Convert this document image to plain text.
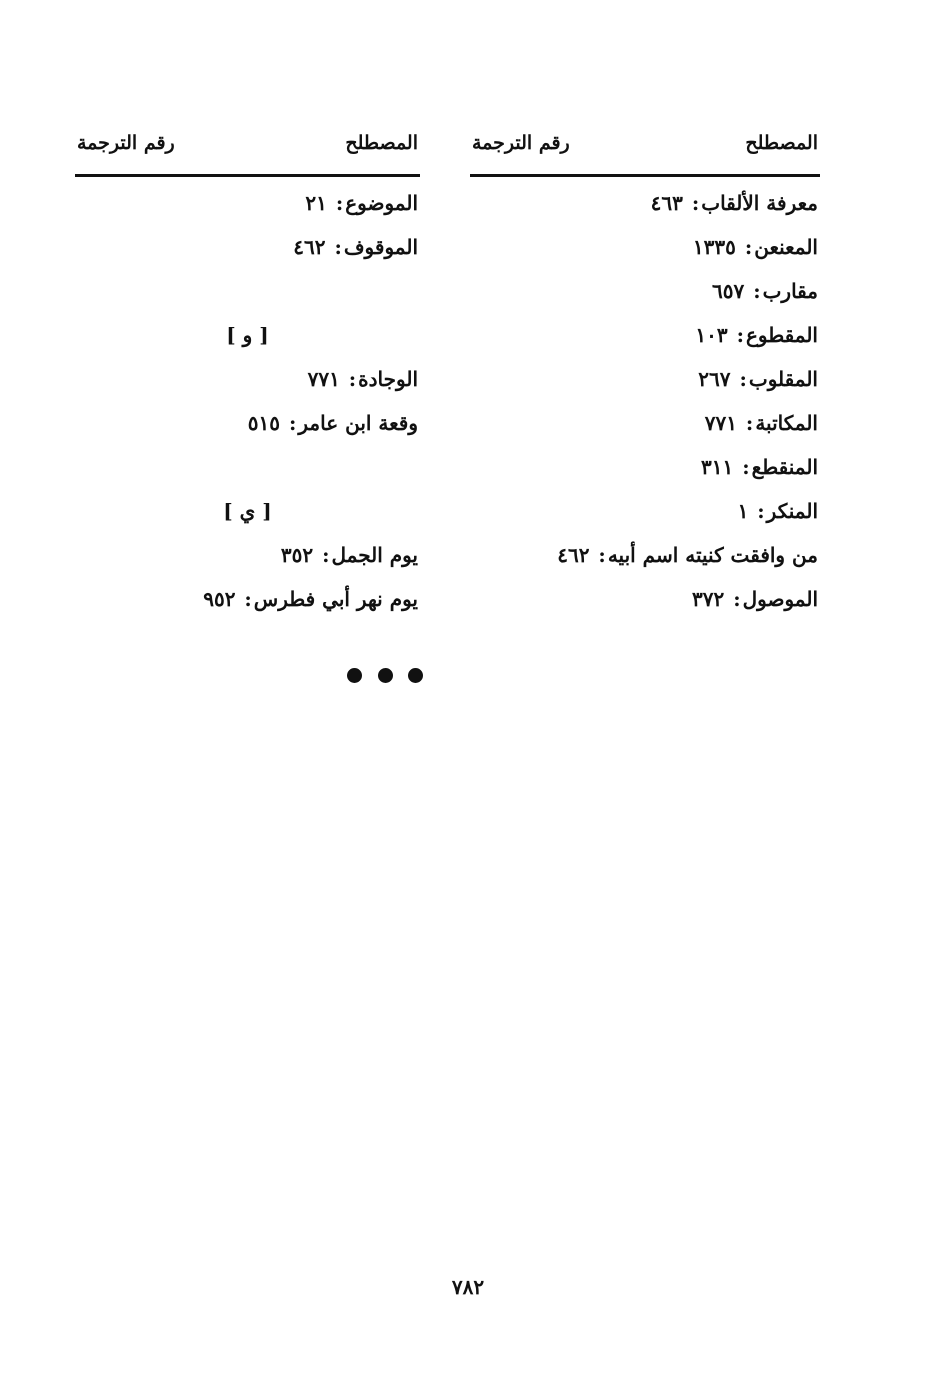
المصطلح
رقم الترجمة
معرفة الألقاب: ٤٦٣
المعنعن: ١٣٣٥
مقارب: ٦٥٧
المقطوع: ١٠٣
المقلوب: ٢٦٧
المكاتبة: ٧٧١
المنقطع: ٣١١
المنكر: ١
من وافقت كنيته اسم أبيه: ٤٦٢
الموصول: ٣٧٢
المصطلح
رقم الترجمة
الموضوع: ٢١
الموقوف: ٤٦٢
[ و ]
الوجادة: ٧٧١
وقعة ابن عامر: ٥١٥
[ ي ]
يوم الجمل: ٣٥٢
يوم نهر أبي فطرس: ٩٥٢
٧٨٢
